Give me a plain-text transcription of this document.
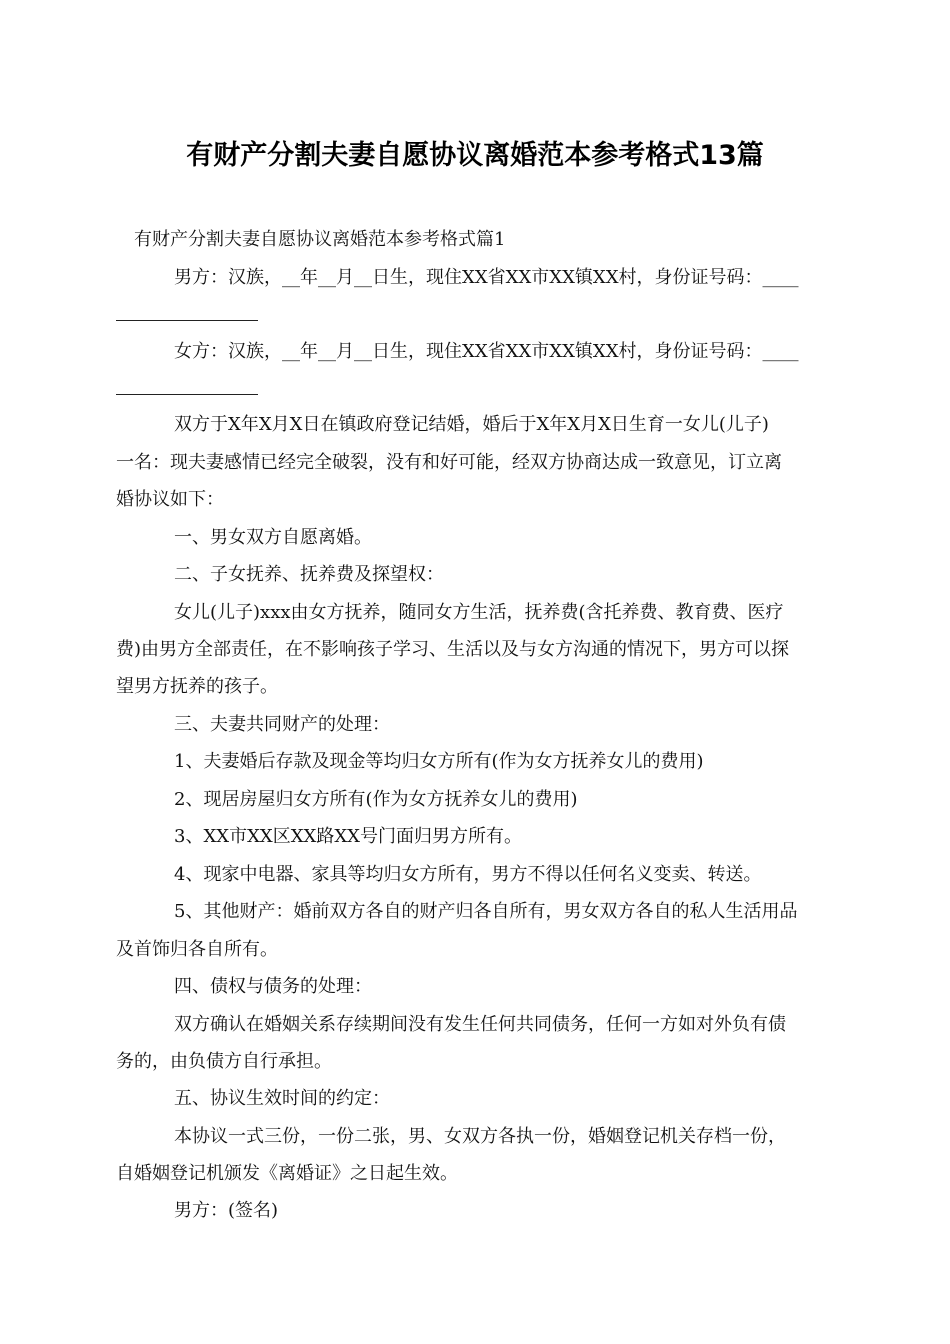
有财产分割夫妻自愿协议离婚范本参考格式13篇
有财产分割夫妻自愿协议离婚范本参考格式篇1
男方：汉族，__年__月__日生，现住XX省XX市XX镇XX村，身份证号码：____
女方：汉族，__年__月__日生，现住XX省XX市XX镇XX村，身份证号码：____
双方于X年X月X日在镇政府登记结婚，婚后于X年X月X日生育一女儿(儿子)
一名：现夫妻感情已经完全破裂，没有和好可能，经双方协商达成一致意见，订立离
婚协议如下：
一、男女双方自愿离婚。
二、子女抚养、抚养费及探望权：
女儿(儿子)xxx由女方抚养，随同女方生活，抚养费(含托养费、教育费、医疗
费)由男方全部责任，在不影响孩子学习、生活以及与女方沟通的情况下，男方可以探
望男方抚养的孩子。
三、夫妻共同财产的处理：
1、夫妻婚后存款及现金等均归女方所有(作为女方抚养女儿的费用)
2、现居房屋归女方所有(作为女方抚养女儿的费用)
3、XX市XX区XX路XX号门面归男方所有。
4、现家中电器、家具等均归女方所有，男方不得以任何名义变卖、转送。
5、其他财产：婚前双方各自的财产归各自所有，男女双方各自的私人生活用品
及首饰归各自所有。
四、债权与债务的处理：
双方确认在婚姻关系存续期间没有发生任何共同债务，任何一方如对外负有债
务的，由负债方自行承担。
五、协议生效时间的约定：
本协议一式三份，一份二张，男、女双方各执一份，婚姻登记机关存档一份，
自婚姻登记机颁发《离婚证》之日起生效。
男方：(签名)
